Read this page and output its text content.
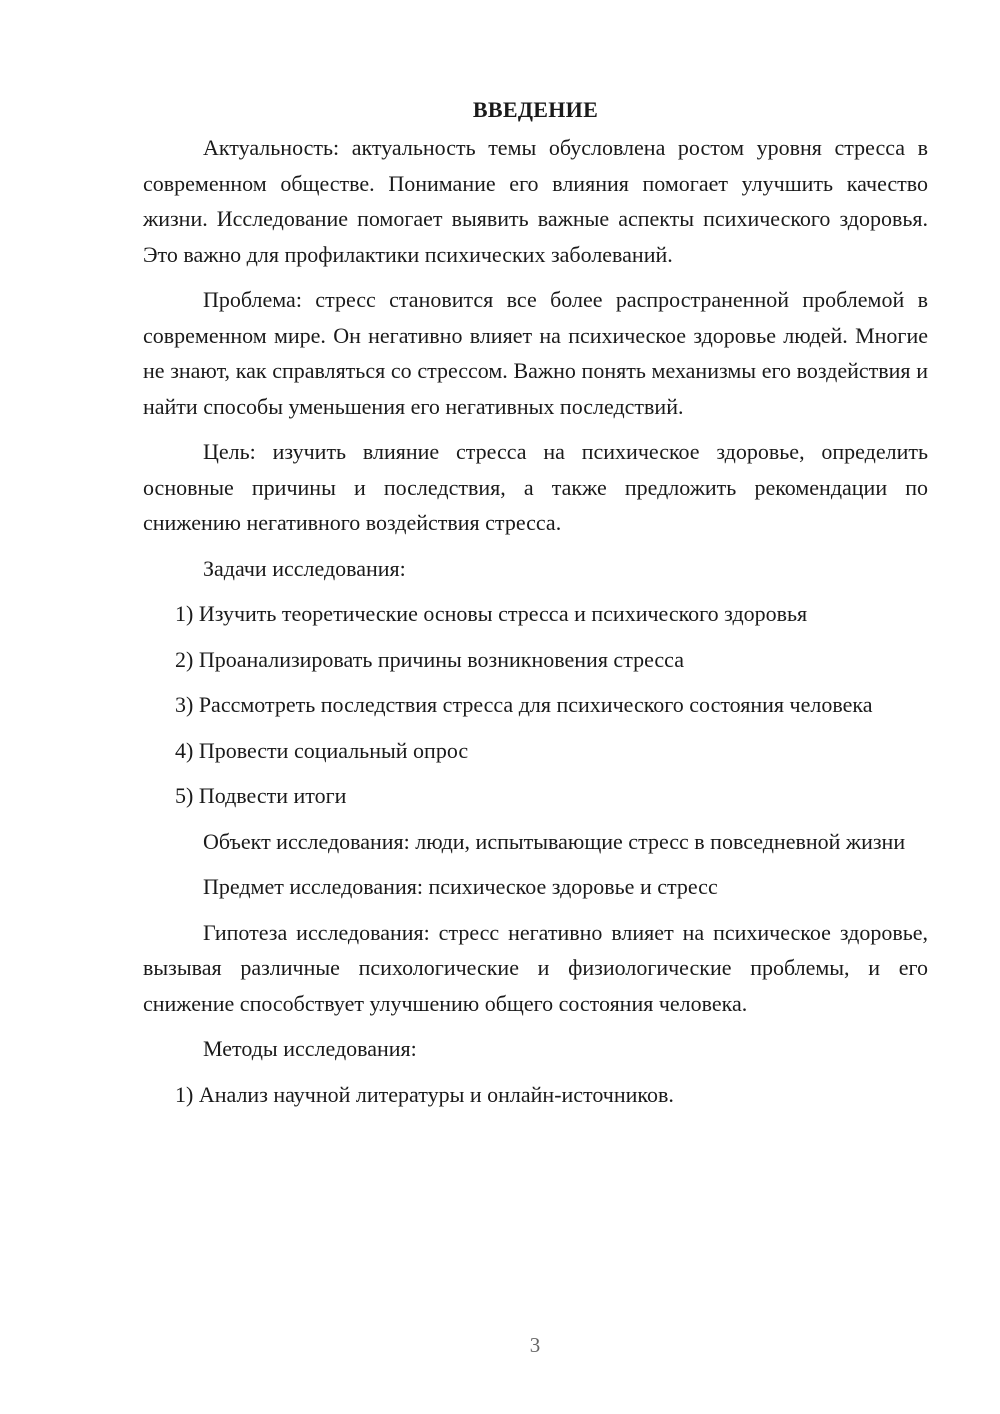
ВВЕДЕНИЕ

Актуальность: актуальность темы обусловлена ростом уровня стресса в современном обществе. Понимание его влияния помогает улучшить качество жизни. Исследование помогает выявить важные аспекты психического здоровья. Это важно для профилактики психических заболеваний.

Проблема: стресс становится все более распространенной проблемой в современном мире. Он негативно влияет на психическое здоровье людей. Многие не знают, как справляться со стрессом. Важно понять механизмы его воздействия и найти способы уменьшения его негативных последствий.

Цель: изучить влияние стресса на психическое здоровье, определить основные причины и последствия, а также предложить рекомендации по снижению негативного воздействия стресса.

Задачи исследования:

1) Изучить теоретические основы стресса и психического здоровья

2) Проанализировать причины возникновения стресса

3) Рассмотреть последствия стресса для психического состояния человека

4) Провести социальный опрос

5) Подвести итоги

Объект исследования: люди, испытывающие стресс в повседневной жизни

Предмет исследования: психическое здоровье и стресс

Гипотеза исследования: стресс негативно влияет на психическое здоровье, вызывая различные психологические и физиологические проблемы, и его снижение способствует улучшению общего состояния человека.

Методы исследования:

1) Анализ научной литературы и онлайн-источников.

3
